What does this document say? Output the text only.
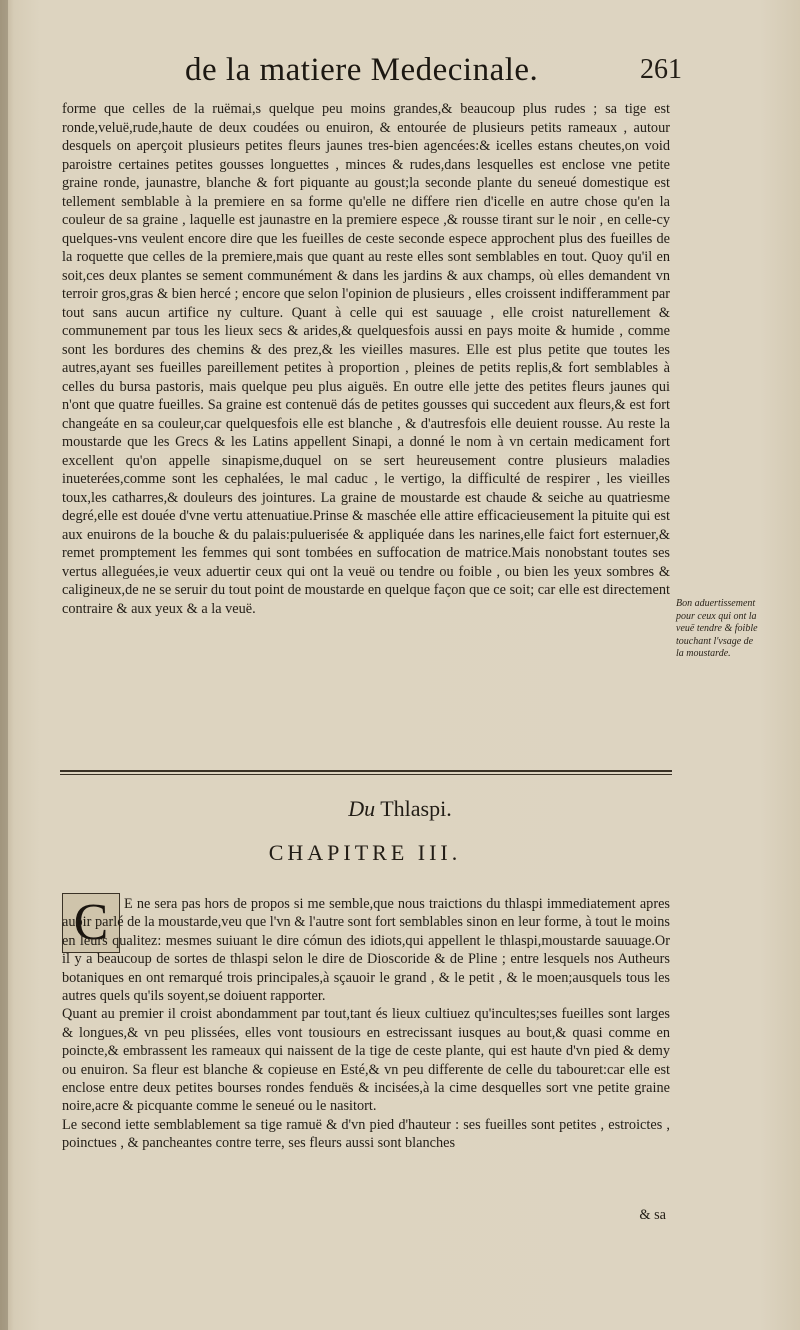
de la matiere Medecinale.	261

forme que celles de la ruëmai,s quelque peu moins grandes,& beaucoup plus rudes ; sa tige est ronde,veluë,rude,haute de deux coudées ou enuiron, & entourée de plusieurs petits rameaux , autour desquels on aperçoit plusieurs petites fleurs jaunes tres-bien agencées:& icelles estans cheutes,on void paroistre certaines petites gousses longuettes , minces & rudes,dans lesquelles est enclose vne petite graine ronde, jaunastre, blanche & fort piquante au goust;la seconde plante du seneué domestique est tellement semblable à la premiere en sa forme qu'elle ne differe rien d'icelle en autre chose qu'en la couleur de sa graine , laquelle est jaunastre en la premiere espece ,& rousse tirant sur le noir , en celle-cy quelques-vns veulent encore dire que les fueilles de ceste seconde espece approchent plus des fueilles de la roquette que celles de la premiere,mais que quant au reste elles sont semblables en tout. Quoy qu'il en soit,ces deux plantes se sement communément & dans les jardins & aux champs, où elles demandent vn terroir gros,gras & bien hercé ; encore que selon l'opinion de plusieurs , elles croissent indifferamment par tout sans aucun artifice ny culture. Quant à celle qui est sauuage , elle croist naturellement & communement par tous les lieux secs & arides,& quelquesfois aussi en pays moite & humide , comme sont les bordures des chemins & des prez,& les vieilles masures. Elle est plus petite que toutes les autres,ayant ses fueilles pareillement petites à proportion , pleines de petits replis,& fort semblables à celles du bursa pastoris, mais quelque peu plus aiguës. En outre elle jette des petites fleurs jaunes qui n'ont que quatre fueilles. Sa graine est contenuë dás de petites gousses qui succedent aux fleurs,& est fort changeáte en sa couleur,car quelquesfois elle est blanche , & d'autresfois elle deuient rousse. Au reste la moustarde que les Grecs & les Latins appellent Sinapi, a donné le nom à vn certain medicament fort excellent qu'on appelle sinapisme,duquel on se sert heureusement contre plusieurs maladies inueterées,comme sont les cephalées, le mal caduc , le vertigo, la difficulté de respirer , les vieilles toux,les catharres,& douleurs des jointures. La graine de moustarde est chaude & seiche au quatriesme degré,elle est douée d'vne vertu attenuatiue.Prinse & maschée elle attire efficacieusement la pituite qui est aux enuirons de la bouche & du palais:puluerisée & appliquée dans les narines,elle faict fort esternuer,& remet promptement les femmes qui sont tombées en suffocation de matrice.Mais nonobstant toutes ses vertus alleguées,ie veux aduertir ceux qui ont la veuë ou tendre ou foible , ou bien les yeux sombres & caligineux,de ne se seruir du tout point de moustarde en quelque façon que ce soit; car elle est directement contraire & aux yeux & a la veuë.	Bon aduertissement pour ceux qui ont la veuë tendre & foible touchant l'vsage de la moustarde.
Du Thlaspi.
CHAPITRE III.
C	E ne sera pas hors de propos si me semble,que nous traictions du thlaspi immediatement apres auoir parlé de la moustarde,veu que l'vn & l'autre sont fort semblables sinon en leur forme, à tout le moins en leurs qualitez: mesmes suiuant le dire cómun des idiots,qui appellent le thlaspi,moustarde sauuage.Or il y a beaucoup de sortes de thlaspi selon le dire de Dioscoride & de Pline ; entre lesquels nos Autheurs botaniques en ont remarqué trois principales,à sçauoir le grand , & le petit , & le moen;ausquels tous les autres quels qu'ils soyent,se doiuent rapporter.

Quant au premier il croist abondamment par tout,tant és lieux cultiuez qu'incultes;ses fueilles sont larges & longues,& vn peu plissées, elles vont tousiours en estrecissant iusques au bout,& quasi comme en poincte,& embrassent les rameaux qui naissent de la tige de ceste plante, qui est haute d'vn pied & demy ou enuiron. Sa fleur est blanche & copieuse en Esté,& vn peu differente de celle du tabouret:car elle est enclose entre deux petites bourses rondes fenduës & incisées,à la cime desquelles sort vne petite graine noire,acre & picquante comme le seneué ou le nasitort.

Le second iette semblablement sa tige ramuë & d'vn pied d'hauteur : ses fueilles sont petites , estroictes , poinctues , & pancheantes contre terre, ses fleurs aussi sont blanches

& sa
